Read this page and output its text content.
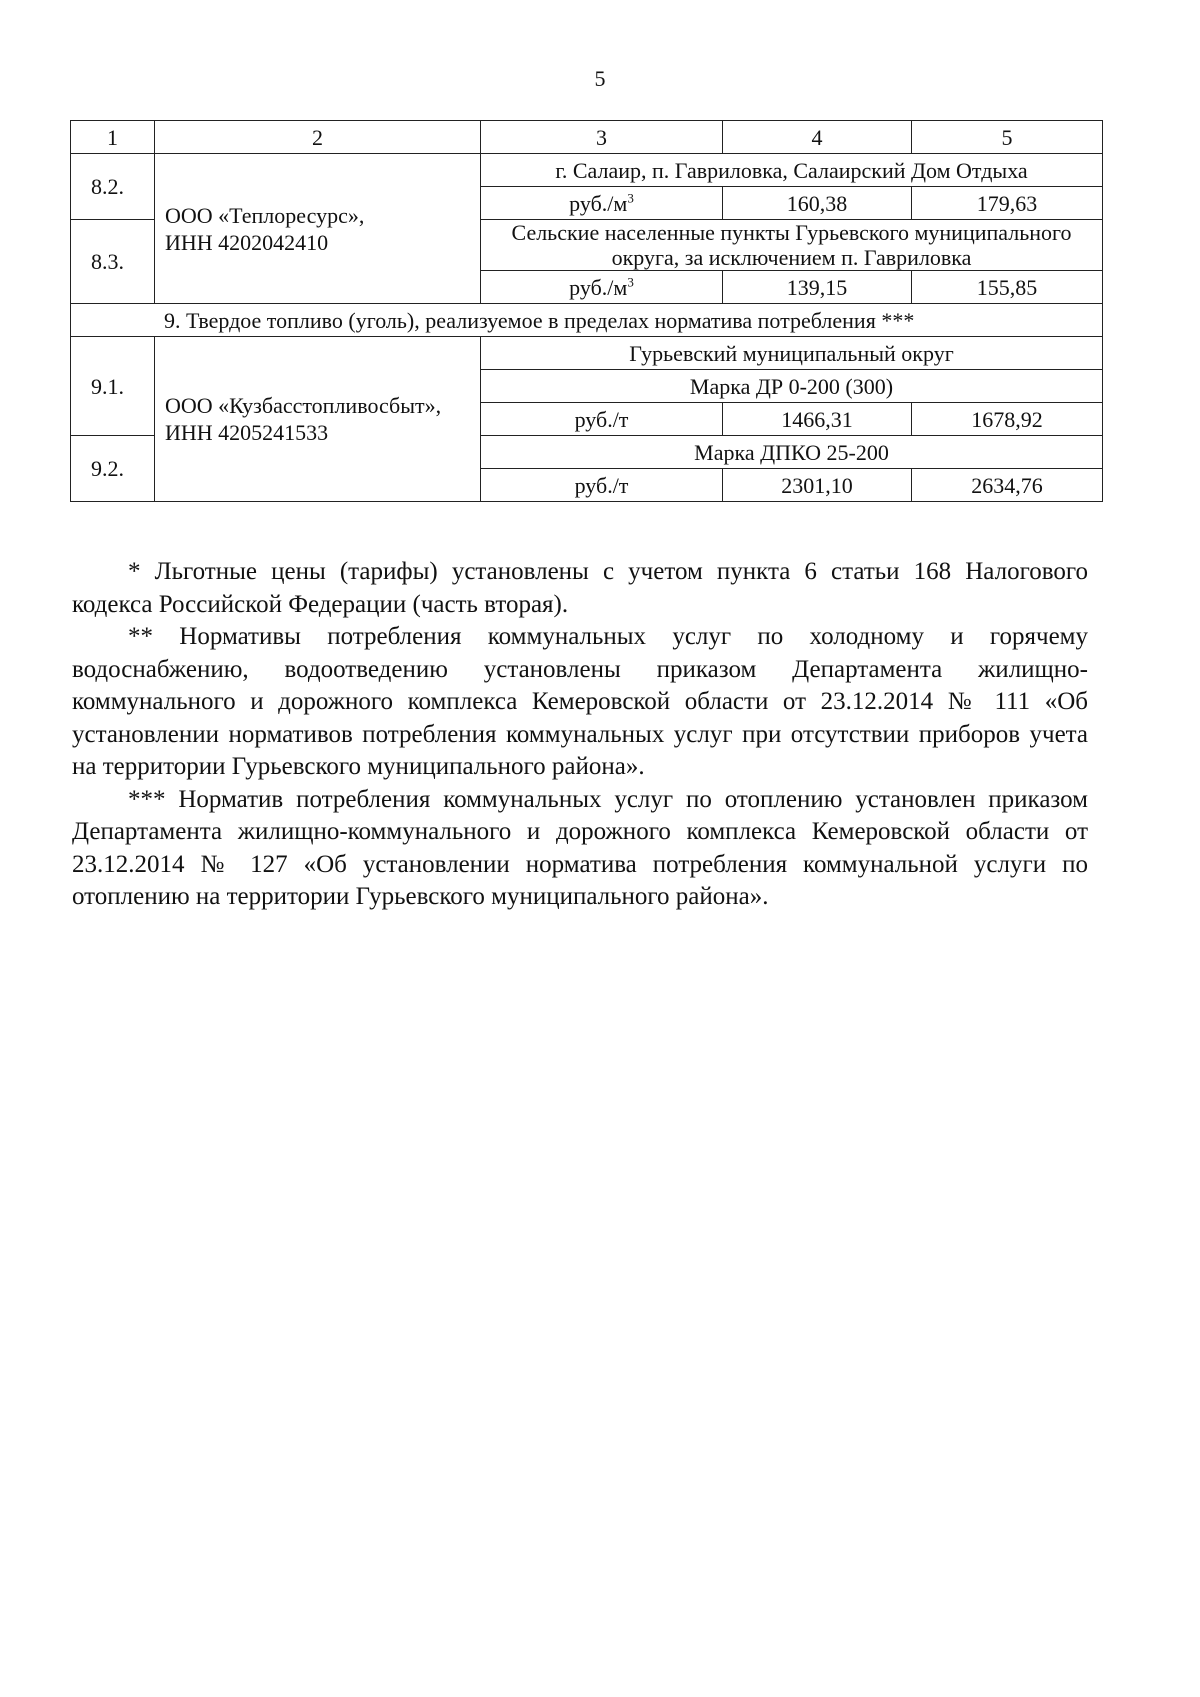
5
1	2	3	4	5
8.2.	ООО «Теплоресурс»,
ИНН 4202042410	г. Салаир, п. Гавриловка, Салаирский Дом Отдыха		
		$руб./м^3$	160,38	179,63
8.3.		Сельские населенные пункты Гурьевского муниципального округа, за исключением п. Гавриловка		
		$руб./м^3$	139,15	155,85
9. Твердое топливо (уголь), реализуемое в пределах норматива потребления ***				
9.1.	ООО «Кузбасстопливосбыт»,
ИНН 4205241533	Гурьевский муниципальный округ		
		Марка ДР 0-200 (300)		
		руб./т	1466,31	1678,92
9.2.		Марка ДПКО 25-200		
		руб./т	2301,10	2634,76

* Льготные цены (тарифы) установлены с учетом пункта 6 статьи 168 Налогового кодекса Российской Федерации (часть вторая).

** Нормативы потребления коммунальных услуг по холодному и горячему водоснабжению, водоотведению установлены приказом Департамента жилищно-коммунального и дорожного комплекса Кемеровской области от 23.12.2014 № 111 «Об установлении нормативов потребления коммунальных услуг при отсутствии приборов учета на территории Гурьевского муниципального района».

*** Норматив потребления коммунальных услуг по отоплению установлен приказом Департамента жилищно-коммунального и дорожного комплекса Кемеровской области от 23.12.2014 № 127 «Об установлении норматива потребления коммунальной услуги по отоплению на территории Гурьевского муниципального района».
